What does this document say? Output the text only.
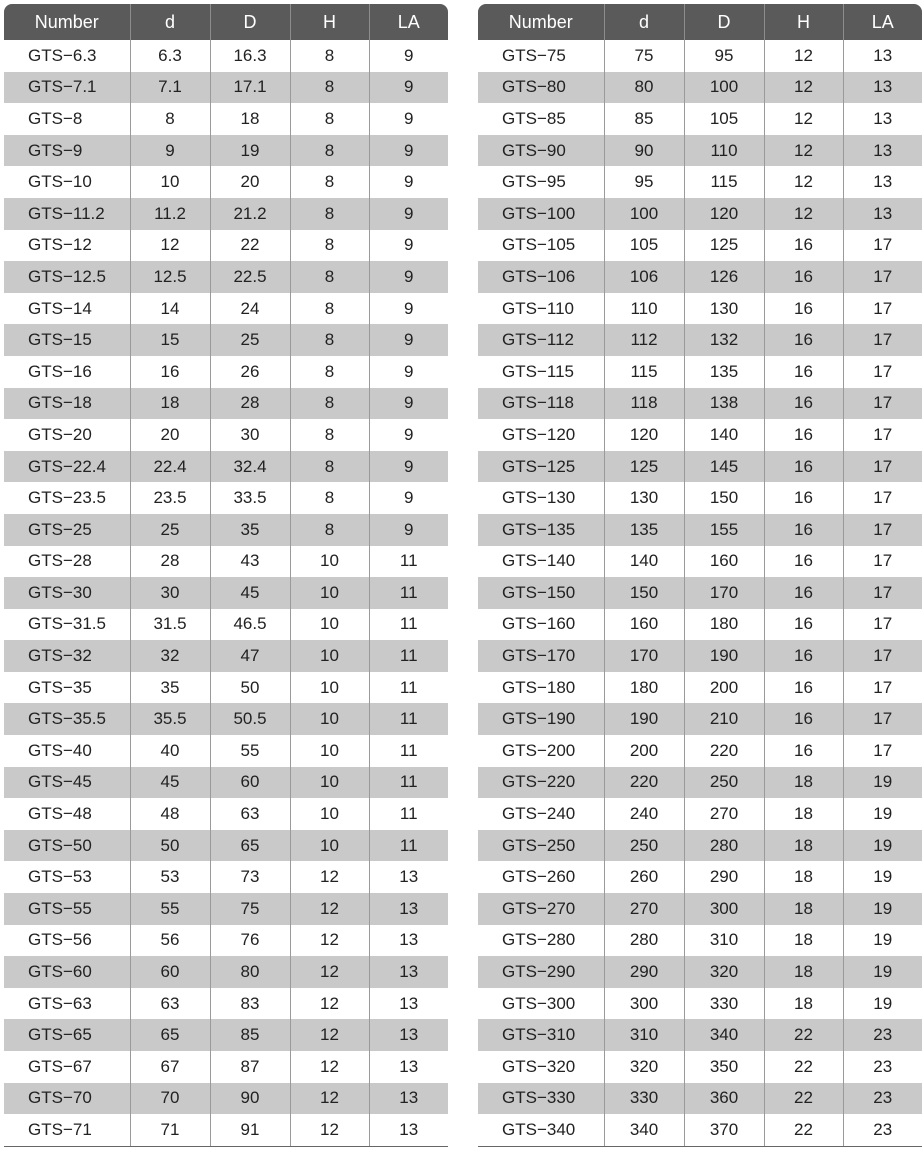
Number	d	D	H	LA
GTS−6.3	6.3	16.3	8	9
GTS−7.1	7.1	17.1	8	9
GTS−8	8	18	8	9
GTS−9	9	19	8	9
GTS−10	10	20	8	9
GTS−11.2	11.2	21.2	8	9
GTS−12	12	22	8	9
GTS−12.5	12.5	22.5	8	9
GTS−14	14	24	8	9
GTS−15	15	25	8	9
GTS−16	16	26	8	9
GTS−18	18	28	8	9
GTS−20	20	30	8	9
GTS−22.4	22.4	32.4	8	9
GTS−23.5	23.5	33.5	8	9
GTS−25	25	35	8	9
GTS−28	28	43	10	11
GTS−30	30	45	10	11
GTS−31.5	31.5	46.5	10	11
GTS−32	32	47	10	11
GTS−35	35	50	10	11
GTS−35.5	35.5	50.5	10	11
GTS−40	40	55	10	11
GTS−45	45	60	10	11
GTS−48	48	63	10	11
GTS−50	50	65	10	11
GTS−53	53	73	12	13
GTS−55	55	75	12	13
GTS−56	56	76	12	13
GTS−60	60	80	12	13
GTS−63	63	83	12	13
GTS−65	65	85	12	13
GTS−67	67	87	12	13
GTS−70	70	90	12	13
GTS−71	71	91	12	13
Number	d	D	H	LA
GTS−75	75	95	12	13
GTS−80	80	100	12	13
GTS−85	85	105	12	13
GTS−90	90	110	12	13
GTS−95	95	115	12	13
GTS−100	100	120	12	13
GTS−105	105	125	16	17
GTS−106	106	126	16	17
GTS−110	110	130	16	17
GTS−112	112	132	16	17
GTS−115	115	135	16	17
GTS−118	118	138	16	17
GTS−120	120	140	16	17
GTS−125	125	145	16	17
GTS−130	130	150	16	17
GTS−135	135	155	16	17
GTS−140	140	160	16	17
GTS−150	150	170	16	17
GTS−160	160	180	16	17
GTS−170	170	190	16	17
GTS−180	180	200	16	17
GTS−190	190	210	16	17
GTS−200	200	220	16	17
GTS−220	220	250	18	19
GTS−240	240	270	18	19
GTS−250	250	280	18	19
GTS−260	260	290	18	19
GTS−270	270	300	18	19
GTS−280	280	310	18	19
GTS−290	290	320	18	19
GTS−300	300	330	18	19
GTS−310	310	340	22	23
GTS−320	320	350	22	23
GTS−330	330	360	22	23
GTS−340	340	370	22	23
